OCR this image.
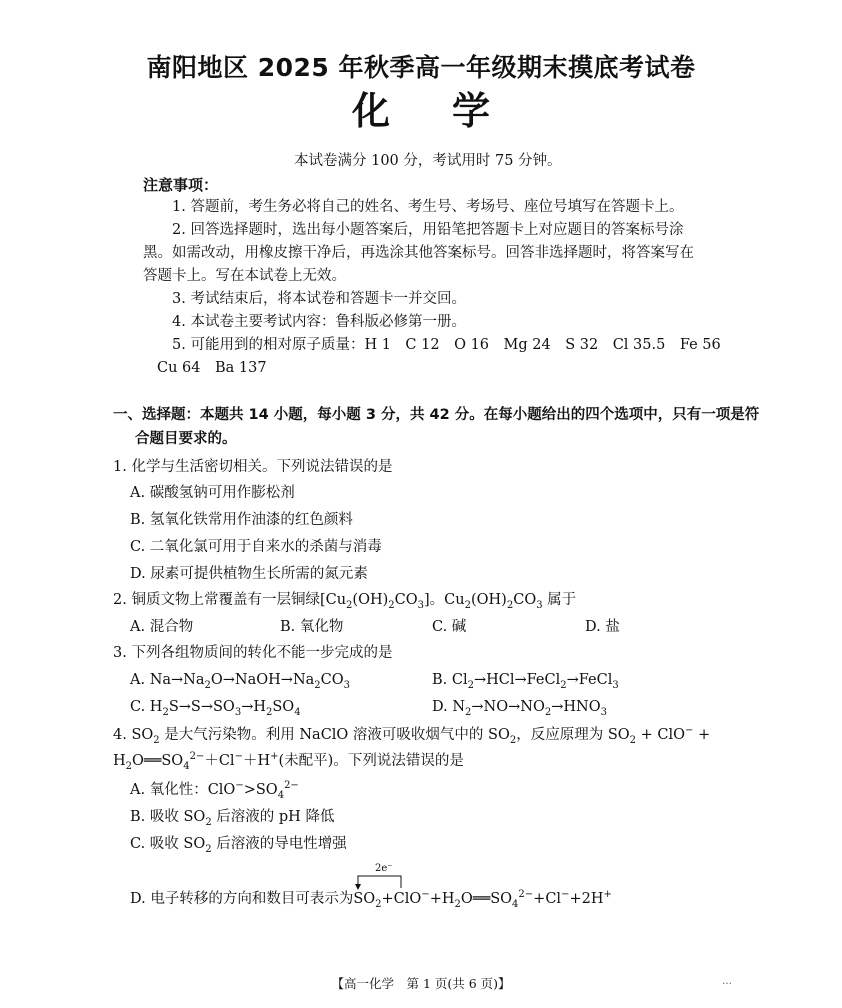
南阳地区 2025 年秋季高一年级期末摸底考试卷
化 学
本试卷满分 100 分，考试用时 75 分钟。
注意事项：
1. 答题前，考生务必将自己的姓名、考生号、考场号、座位号填写在答题卡上。
2. 回答选择题时，选出每小题答案后，用铅笔把答题卡上对应题目的答案标号涂
黑。如需改动，用橡皮擦干净后，再选涂其他答案标号。回答非选择题时，将答案写在
答题卡上。写在本试卷上无效。
3. 考试结束后，将本试卷和答题卡一并交回。
4. 本试卷主要考试内容：鲁科版必修第一册。
5. 可能用到的相对原子质量：H 1　C 12　O 16　Mg 24　S 32　Cl 35.5　Fe 56
Cu 64　Ba 137
一、选择题：本题共 14 小题，每小题 3 分，共 42 分。在每小题给出的四个选项中，只有一项是符
合题目要求的。
1. 化学与生活密切相关。下列说法错误的是
A. 碳酸氢钠可用作膨松剂
B. 氢氧化铁常用作油漆的红色颜料
C. 二氧化氯可用于自来水的杀菌与消毒
D. 尿素可提供植物生长所需的氮元素
2. 铜质文物上常覆盖有一层铜绿$[Cu_2(OH)_2CO_3]$。$Cu_2(OH)_2CO_3$ 属于
A. 混合物	B. 氧化物	C. 碱	D. 盐
3. 下列各组物质间的转化不能一步完成的是
A. $Na\to Na_2O\to NaOH\to Na_2CO_3$	B. $Cl_2\to HCl\to FeCl_2\to FeCl_3$
C. $H_2S\to S\to SO_3\to H_2SO_4$	D. $N_2\to NO\to NO_2\to HNO_3$
4. $SO_2$ 是大气污染物。利用 NaClO 溶液可吸收烟气中的 $SO_2$，反应原理为 $SO_2 + ClO^-$ +
$H_2O══SO_4^{2-}+Cl^-+H^+$(未配平)。下列说法错误的是
A. 氧化性：$ClO^->SO_4^{2-}$
B. 吸收 $SO_2$ 后溶液的 pH 降低
C. 吸收 $SO_2$ 后溶液的导电性增强
2e⁻
D. 电子转移的方向和数目可表示为$SO_2+ClO^-+H_2O══SO_4^{2-}+Cl^-+2H^+$
【高一化学　第 1 页(共 6 页)】	…
